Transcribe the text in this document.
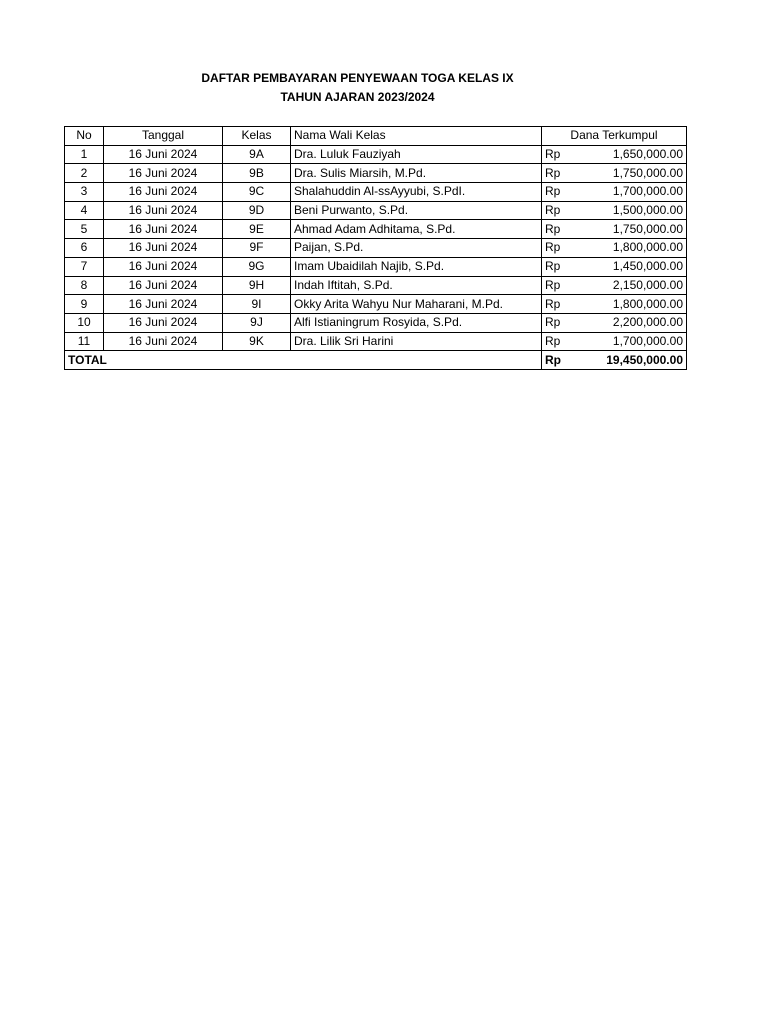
DAFTAR PEMBAYARAN PENYEWAAN TOGA KELAS IX
TAHUN AJARAN 2023/2024
No	Tanggal	Kelas	Nama Wali Kelas	Dana Terkumpul
1	16 Juni 2024	9A	Dra. Luluk Fauziyah	Rp 1,650,000.00

2	16 Juni 2024	9B	Dra. Sulis Miarsih, M.Pd.	Rp 1,750,000.00

3	16 Juni 2024	9C	Shalahuddin Al-ssAyyubi, S.PdI.	Rp 1,700,000.00

4	16 Juni 2024	9D	Beni Purwanto, S.Pd.	Rp 1,500,000.00

5	16 Juni 2024	9E	Ahmad Adam Adhitama, S.Pd.	Rp 1,750,000.00

6	16 Juni 2024	9F	Paijan, S.Pd.	Rp 1,800,000.00

7	16 Juni 2024	9G	Imam Ubaidilah Najib, S.Pd.	Rp 1,450,000.00

8	16 Juni 2024	9H	Indah Iftitah, S.Pd.	Rp 2,150,000.00

9	16 Juni 2024	9I	Okky Arita Wahyu Nur Maharani, M.Pd.	Rp 1,800,000.00

10	16 Juni 2024	9J	Alfi Istianingrum Rosyida, S.Pd.	Rp 2,200,000.00

11	16 Juni 2024	9K	Dra. Lilik Sri Harini	Rp 1,700,000.00

TOTAL				Rp 19,450,000.00
